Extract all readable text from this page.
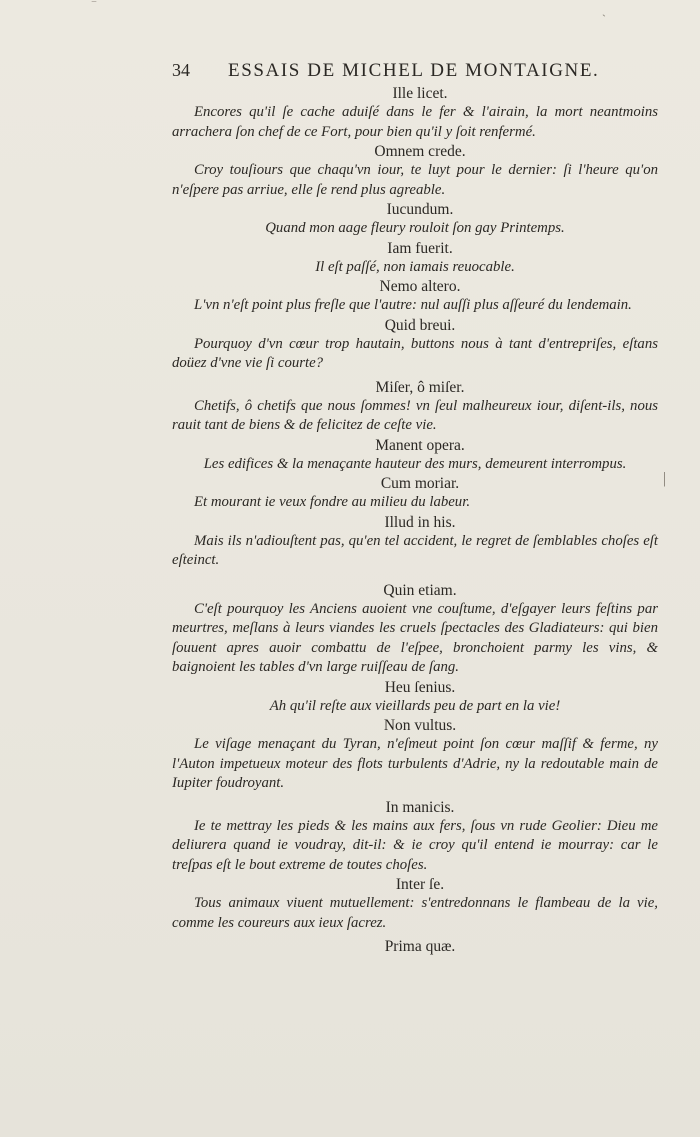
34 ESSAIS DE MICHEL DE MONTAIGNE.
Ille licet.
Encores qu'il ſe cache aduiſé dans le fer & l'airain, la mort neantmoins arrachera ſon chef de ce Fort, pour bien qu'il y ſoit renfermé.
Omnem crede.
Croy touſiours que chaqu'vn iour, te luyt pour le dernier: ſi l'heure qu'on n'eſpere pas arriue, elle ſe rend plus agreable.
Iucundum.
Quand mon aage fleury rouloit ſon gay Printemps.
Iam fuerit.
Il eſt paſſé, non iamais reuocable.
Nemo altero.
L'vn n'eſt point plus freſle que l'autre: nul auſſi plus aſſeuré du lendemain.
Quid breui.
Pourquoy d'vn cœur trop hautain, buttons nous à tant d'entrepriſes, eſtans doüez d'vne vie ſi courte?
Miſer, ô miſer.
Chetifs, ô chetifs que nous ſommes! vn ſeul malheureux iour, diſent-ils, nous rauit tant de biens & de felicitez de ceſte vie.
Manent opera.
Les edifices & la menaçante hauteur des murs, demeurent interrompus.
Cum moriar.
Et mourant ie veux fondre au milieu du labeur.
Illud in his.
Mais ils n'adiouſtent pas, qu'en tel accident, le regret de ſemblables choſes eſt eſteinct.
Quin etiam.
C'eſt pourquoy les Anciens auoient vne couſtume, d'eſgayer leurs feſtins par meurtres, meſlans à leurs viandes les cruels ſpectacles des Gladiateurs: qui bien ſouuent apres auoir combattu de l'eſpee, bronchoient parmy les vins, & baignoient les tables d'vn large ruiſſeau de ſang.
Heu ſenius.
Ah qu'il reſte aux vieillards peu de part en la vie!
Non vultus.
Le viſage menaçant du Tyran, n'eſmeut point ſon cœur maſſif & ferme, ny l'Auton impetueux moteur des flots turbulents d'Adrie, ny la redoutable main de Iupiter foudroyant.
In manicis.
Ie te mettray les pieds & les mains aux fers, ſous vn rude Geolier: Dieu me deliurera quand ie voudray, dit-il: & ie croy qu'il entend ie mourray: car le treſpas eſt le bout extreme de toutes choſes.
Inter ſe.
Tous animaux viuent mutuellement: s'entredonnans le flambeau de la vie, comme les coureurs aux ieux ſacrez.
Prima quæ.
‾
`
|
